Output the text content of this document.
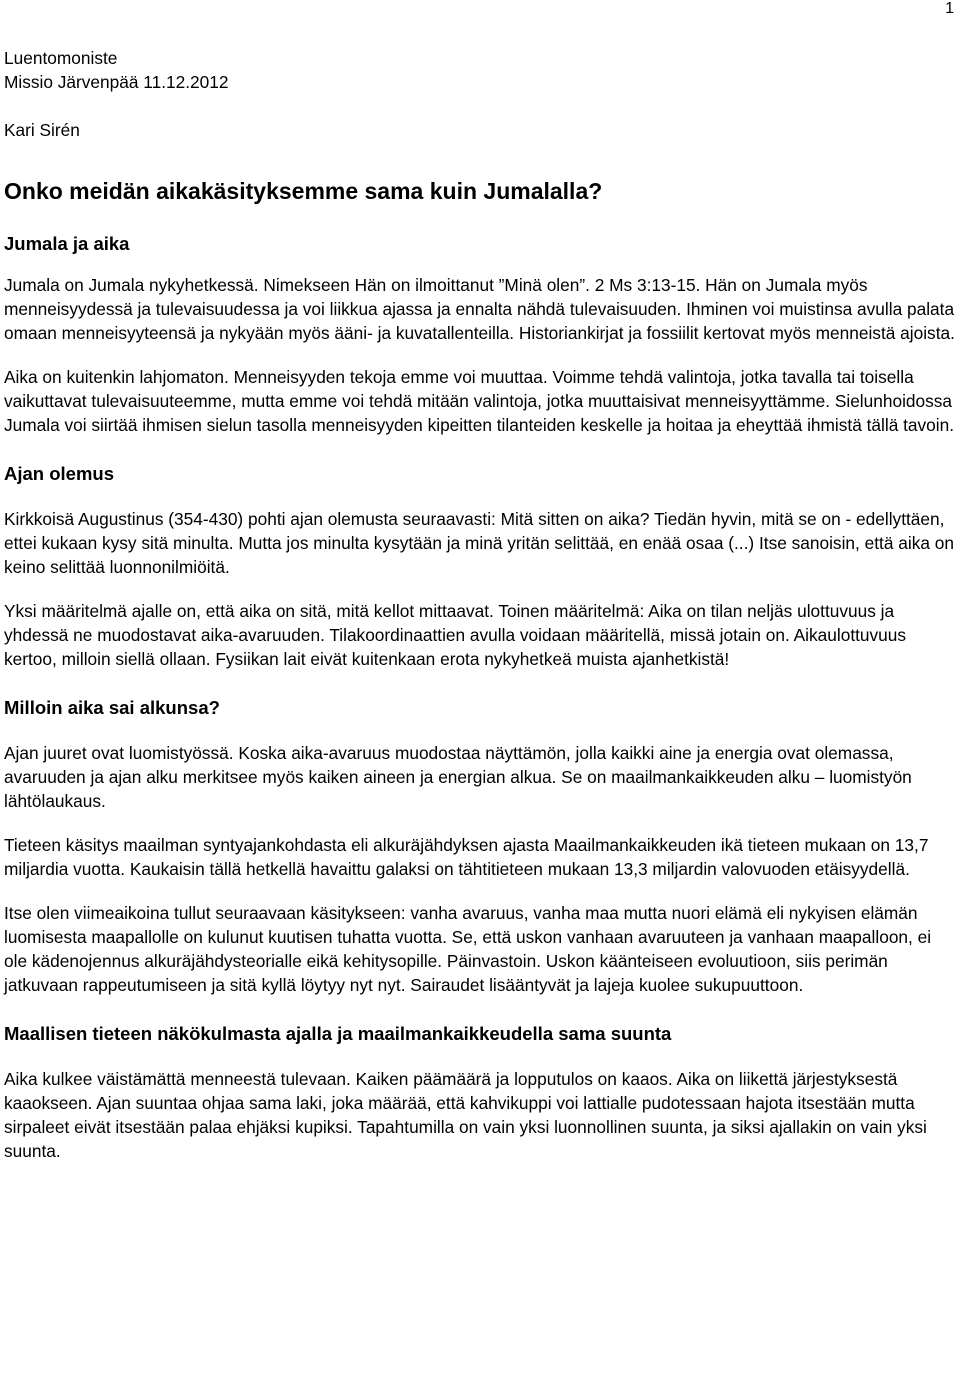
1

Luentomoniste

Missio Järvenpää 11.12.2012

Kari Sirén

Onko meidän aikakäsityksemme sama kuin Jumalalla?

Jumala ja aika

Jumala on Jumala nykyhetkessä. Nimekseen Hän on ilmoittanut ”Minä olen”. 2 Ms 3:13-15. Hän on Jumala myös menneisyydessä ja tulevaisuudessa ja voi liikkua ajassa ja ennalta nähdä tulevaisuuden. Ihminen voi muistinsa avulla palata omaan menneisyyteensä ja nykyään myös ääni- ja kuvatallenteilla. Historiankirjat ja fossiilit kertovat myös menneistä ajoista.

Aika on kuitenkin lahjomaton. Menneisyyden tekoja emme voi muuttaa. Voimme tehdä valintoja, jotka tavalla tai toisella vaikuttavat tulevaisuuteemme, mutta emme voi tehdä mitään valintoja, jotka muuttaisivat menneisyyttämme. Sielunhoidossa Jumala voi siirtää ihmisen sielun tasolla menneisyyden kipeitten tilanteiden keskelle ja hoitaa ja eheyttää ihmistä tällä tavoin.

Ajan olemus

Kirkkoisä Augustinus (354-430) pohti ajan olemusta seuraavasti: Mitä sitten on aika? Tiedän hyvin, mitä se on - edellyttäen, ettei kukaan kysy sitä minulta. Mutta jos minulta kysytään ja minä yritän selittää, en enää osaa (...) Itse sanoisin, että aika on keino selittää luonnonilmiöitä.

Yksi määritelmä ajalle on, että aika on sitä, mitä kellot mittaavat. Toinen määritelmä: Aika on tilan neljäs ulottuvuus ja yhdessä ne muodostavat aika-avaruuden. Tilakoordinaattien avulla voidaan määritellä, missä jotain on. Aikaulottuvuus kertoo, milloin siellä ollaan. Fysiikan lait eivät kuitenkaan erota nykyhetkeä muista ajanhetkistä!

Milloin aika sai alkunsa?

Ajan juuret ovat luomistyössä. Koska aika-avaruus muodostaa näyttämön, jolla kaikki aine ja energia ovat olemassa, avaruuden ja ajan alku merkitsee myös kaiken aineen ja energian alkua. Se on maailmankaikkeuden alku – luomistyön lähtölaukaus.

Tieteen käsitys maailman syntyajankohdasta eli alkuräjähdyksen ajasta Maailmankaikkeuden ikä tieteen mukaan on 13,7 miljardia vuotta. Kaukaisin tällä hetkellä havaittu galaksi on tähtitieteen mukaan 13,3 miljardin valovuoden etäisyydellä.

Itse olen viimeaikoina tullut seuraavaan käsitykseen: vanha avaruus, vanha maa mutta nuori elämä eli nykyisen elämän luomisesta maapallolle on kulunut kuutisen tuhatta vuotta. Se, että uskon vanhaan avaruuteen ja vanhaan maapalloon, ei ole kädenojennus alkuräjähdysteorialle eikä kehitysopille. Päinvastoin. Uskon käänteiseen evoluutioon, siis perimän jatkuvaan rappeutumiseen ja sitä kyllä löytyy nyt nyt. Sairaudet lisääntyvät ja lajeja kuolee sukupuuttoon.

Maallisen tieteen näkökulmasta ajalla ja maailmankaikkeudella sama suunta

Aika kulkee väistämättä menneestä tulevaan. Kaiken päämäärä ja lopputulos on kaaos. Aika on liikettä järjestyksestä kaaokseen. Ajan suuntaa ohjaa sama laki, joka määrää, että kahvikuppi voi lattialle pudotessaan hajota itsestään mutta sirpaleet eivät itsestään palaa ehjäksi kupiksi. Tapahtumilla on vain yksi luonnollinen suunta, ja siksi ajallakin on vain yksi suunta.
